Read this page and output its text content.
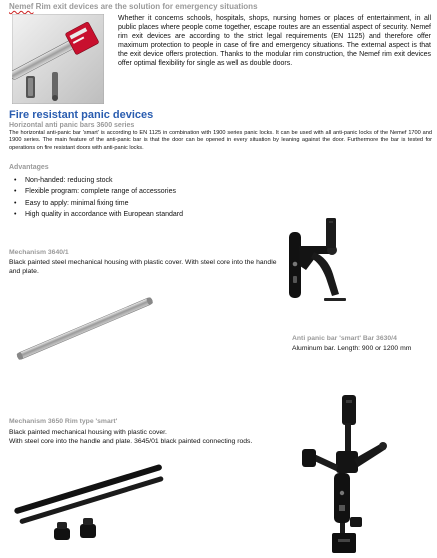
Nemef Rim exit devices are the solution for emergency situations
Whether it concerns schools, hospitals, shops, nursing homes or places of entertainment, in all public places where people come together, escape routes are an essential aspect of security. Nemef rim exit devices are according to the strict legal requirements (EN 1125) and therefore offer maximum protection to people in case of fire and emergency situations. The external aspect is that the exit device offers protection. Thanks to the modular rim construction, the Nemef rim exit devices offer optimal flexibility for single as well as double doors.
Fire resistant panic devices
Horizontal anti panic bars 3600 series
The horizontal anti-panic bar 'smart' is according to EN 1125 in combination with 1900 series panic locks. It can be used with all anti-panic locks of the Nemef 1700 and 1900 series. The main feature of the anti-panic bar is that the door can be opened in every situation by leaning against the door. Furthermore the bar is tested for operations on fire resistant doors with anti-panic locks.
Advantages
• Non-handed: reducing stock
• Flexible program: complete range of accessories
• Easy to apply: minimal fixing time
• High quality in accordance with European standard
Mechanism 3640/1
Black painted steel mechanical housing with plastic cover. With steel core into the handle and plate.
Anti panic bar 'smart' Bar 3630/4
Aluminum bar. Length: 900 or 1200 mm
Mechanism 3650 Rim type 'smart'
Black painted mechanical housing with plastic cover.
With steel core into the handle and plate. 3645/01 black painted connecting rods.
